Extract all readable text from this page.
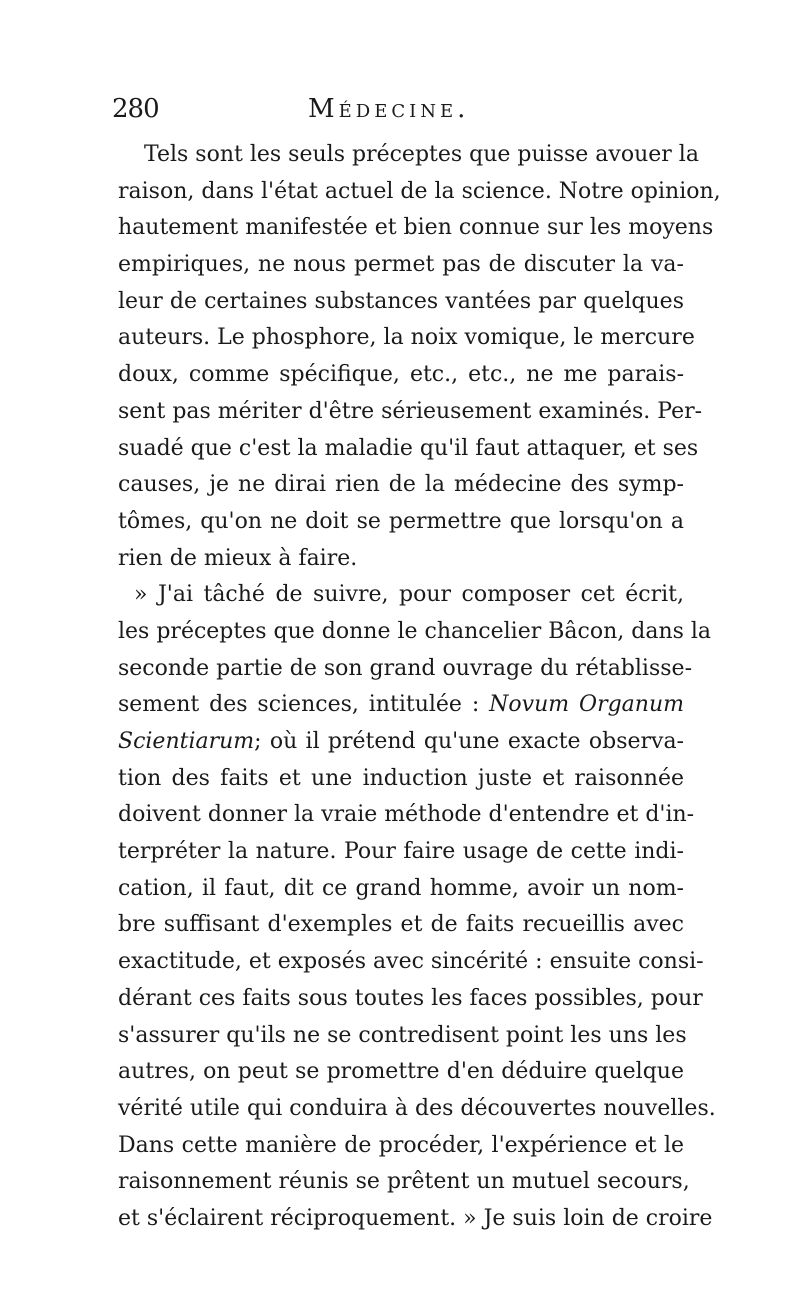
280	Médecine.
Tels sont les seuls préceptes que puisse avouer la
raison, dans l'état actuel de la science. Notre opinion,
hautement manifestée et bien connue sur les moyens
empiriques, ne nous permet pas de discuter la va-
leur de certaines substances vantées par quelques
auteurs. Le phosphore, la noix vomique, le mercure
doux, comme spécifique, etc., etc., ne me parais-
sent pas mériter d'être sérieusement examinés. Per-
suadé que c'est la maladie qu'il faut attaquer, et ses
causes, je ne dirai rien de la médecine des symp-
tômes, qu'on ne doit se permettre que lorsqu'on a
rien de mieux à faire.
» J'ai tâché de suivre, pour composer cet écrit,
les préceptes que donne le chancelier Bâcon, dans la
seconde partie de son grand ouvrage du rétablisse-
sement des sciences, intitulée : Novum Organum
Scientiarum; où il prétend qu'une exacte observa-
tion des faits et une induction juste et raisonnée
doivent donner la vraie méthode d'entendre et d'in-
terpréter la nature. Pour faire usage de cette indi-
cation, il faut, dit ce grand homme, avoir un nom-
bre suffisant d'exemples et de faits recueillis avec
exactitude, et exposés avec sincérité : ensuite consi-
dérant ces faits sous toutes les faces possibles, pour
s'assurer qu'ils ne se contredisent point les uns les
autres, on peut se promettre d'en déduire quelque
vérité utile qui conduira à des découvertes nouvelles.
Dans cette manière de procéder, l'expérience et le
raisonnement réunis se prêtent un mutuel secours,
et s'éclairent réciproquement. » Je suis loin de croire
